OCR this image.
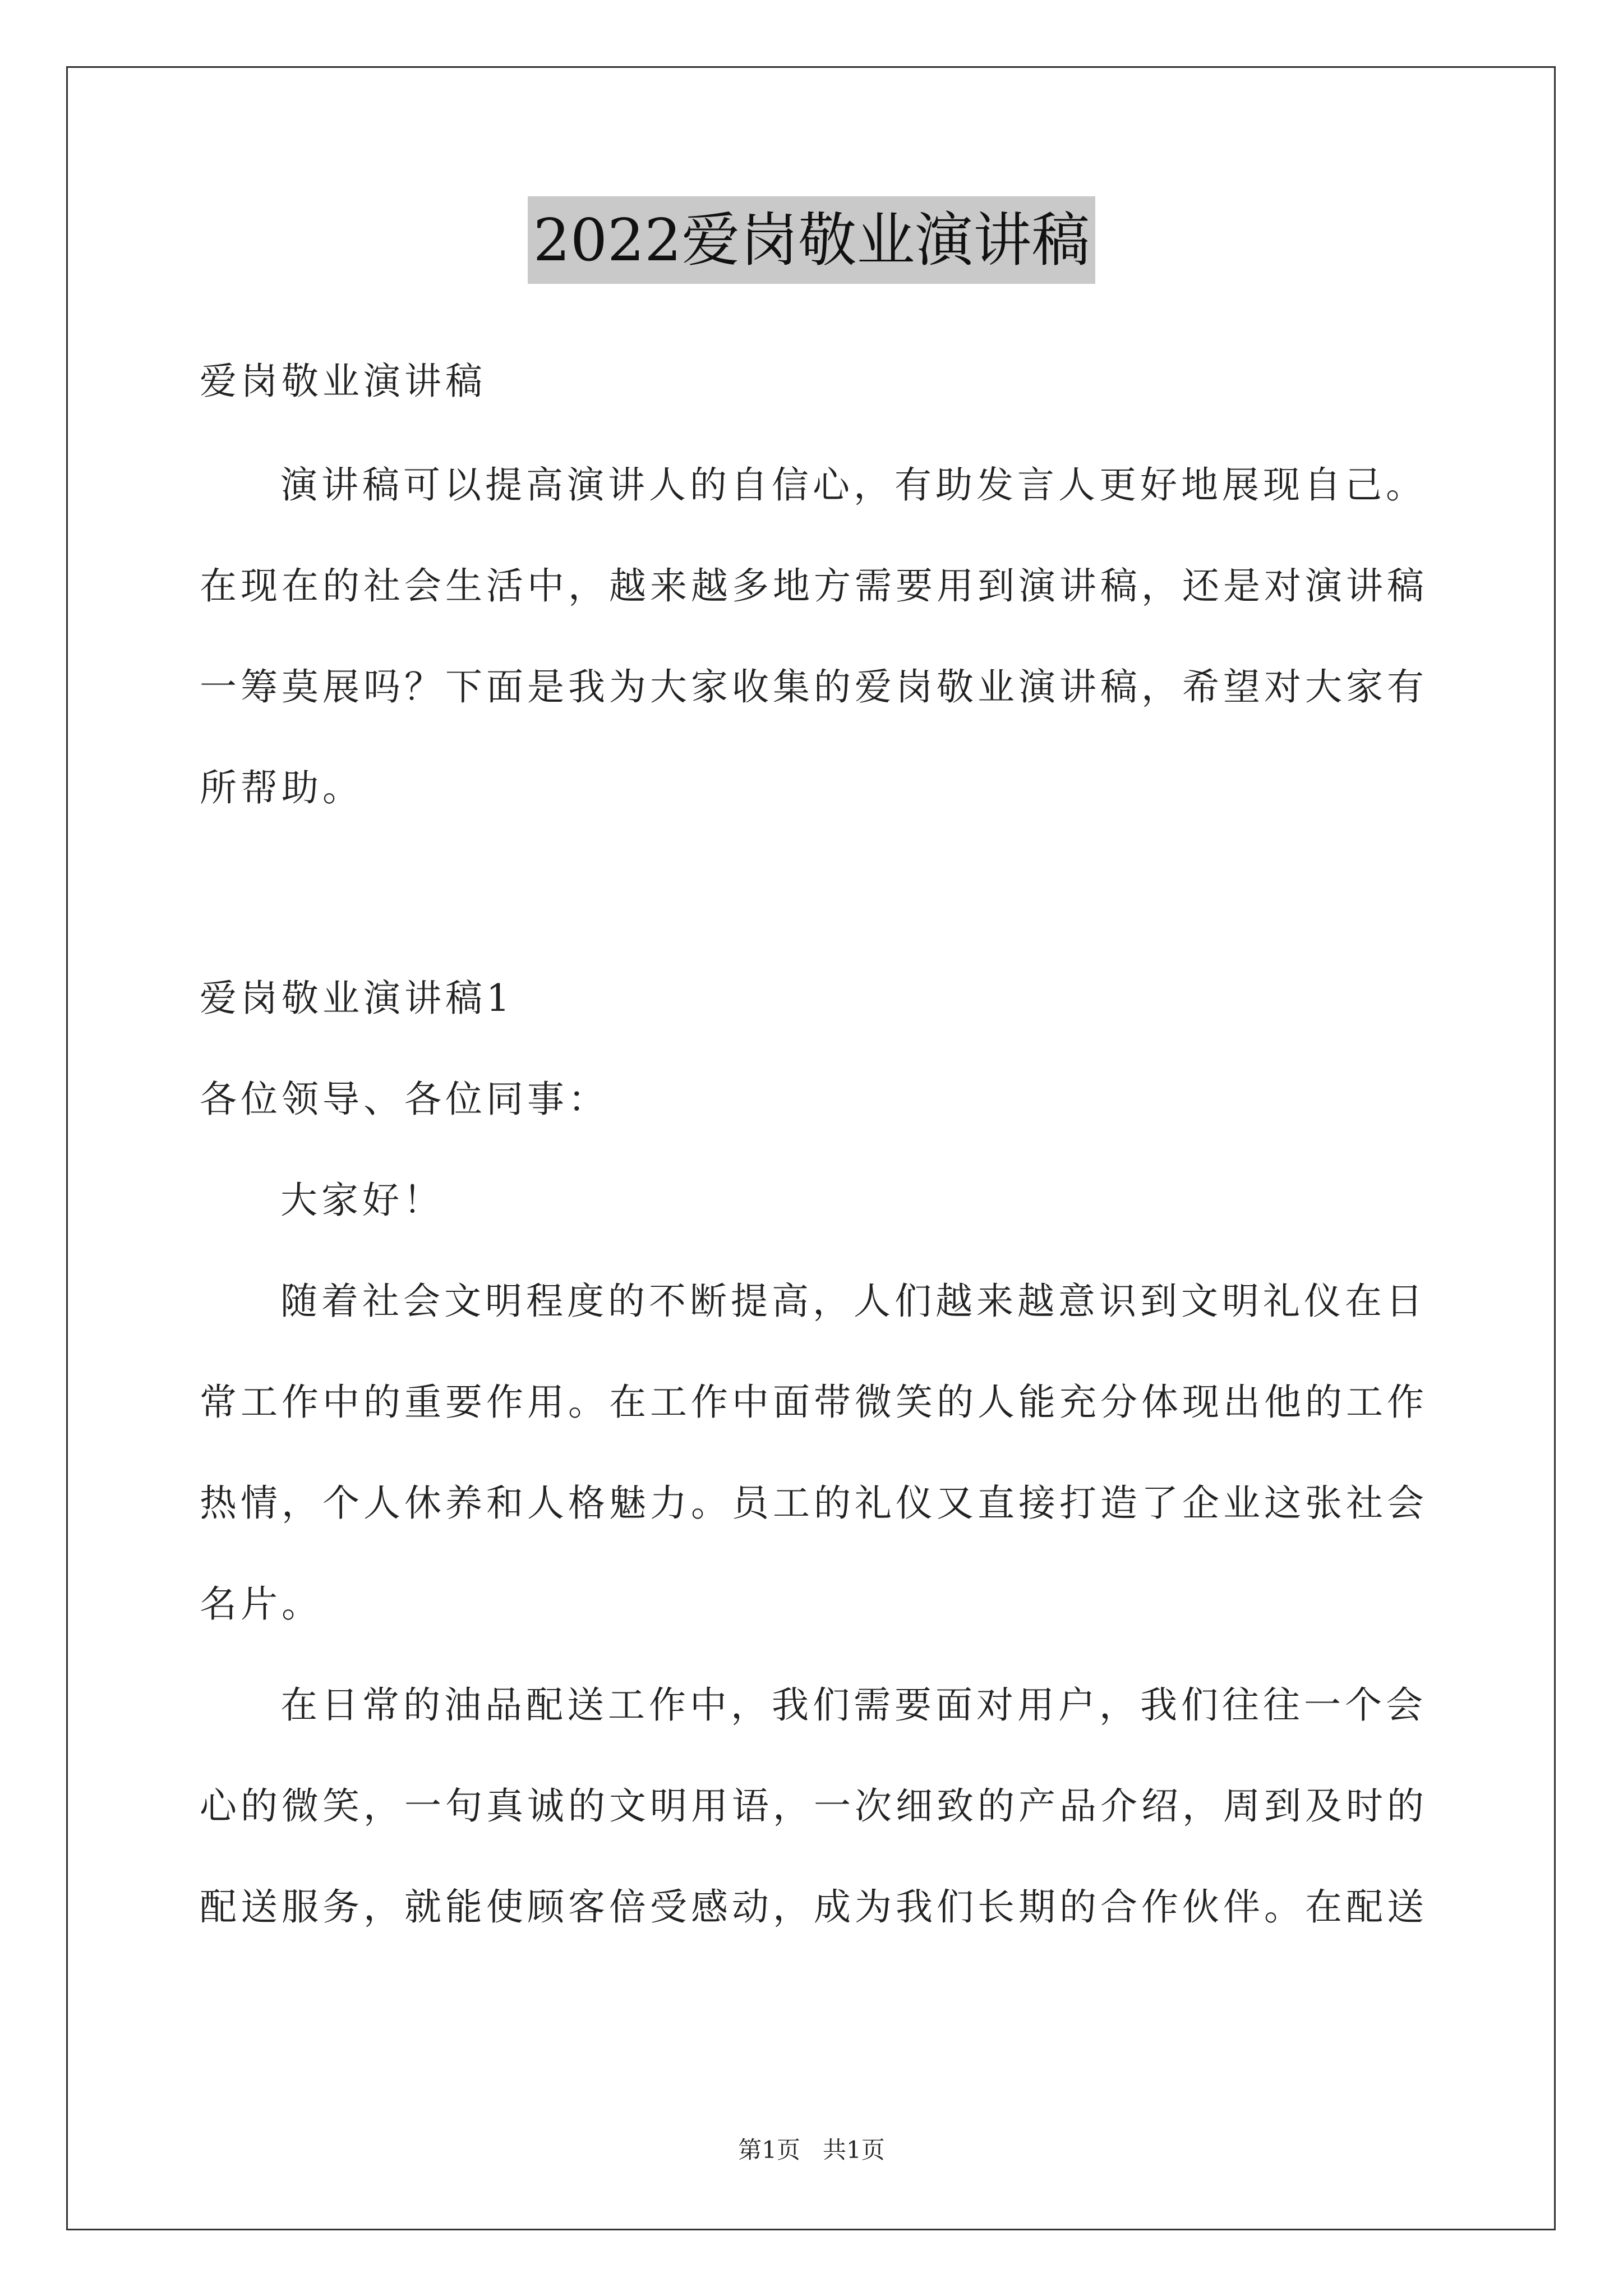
2022爱岗敬业演讲稿
爱岗敬业演讲稿
演讲稿可以提高演讲人的自信心，有助发言人更好地展现自己。
在现在的社会生活中，越来越多地方需要用到演讲稿，还是对演讲稿
一筹莫展吗？下面是我为大家收集的爱岗敬业演讲稿，希望对大家有
所帮助。
爱岗敬业演讲稿1
各位领导、各位同事：
大家好！
随着社会文明程度的不断提高，人们越来越意识到文明礼仪在日
常工作中的重要作用。在工作中面带微笑的人能充分体现出他的工作
热情，个人休养和人格魅力。员工的礼仪又直接打造了企业这张社会
名片。
在日常的油品配送工作中，我们需要面对用户，我们往往一个会
心的微笑，一句真诚的文明用语，一次细致的产品介绍，周到及时的
配送服务，就能使顾客倍受感动，成为我们长期的合作伙伴。在配送
第1页   共1页
